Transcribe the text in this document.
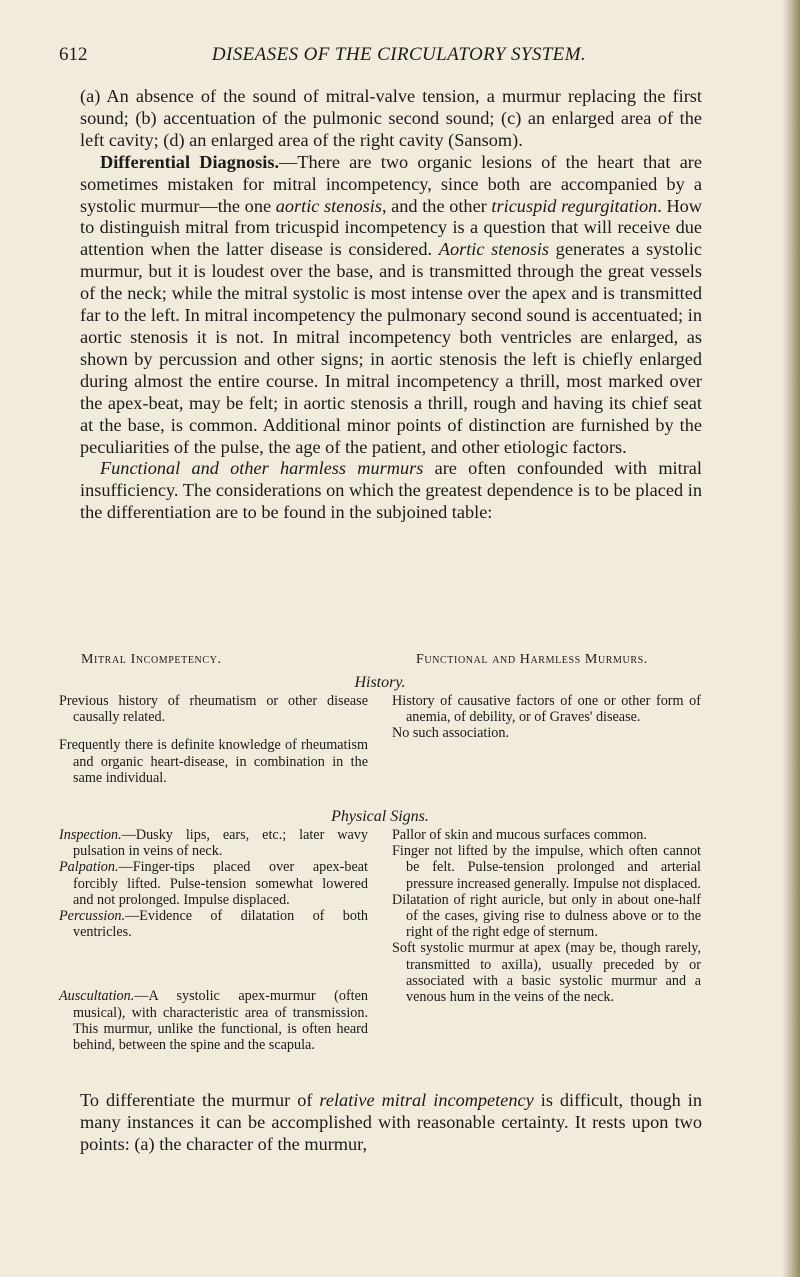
612	DISEASES OF THE CIRCULATORY SYSTEM.

(a) An absence of the sound of mitral-valve tension, a murmur replacing the first sound; (b) accentuation of the pulmonic second sound; (c) an enlarged area of the left cavity; (d) an enlarged area of the right cavity (Sansom).

Differential Diagnosis.—There are two organic lesions of the heart that are sometimes mistaken for mitral incompetency, since both are accompanied by a systolic murmur—the one aortic stenosis, and the other tricuspid regurgitation. How to distinguish mitral from tricuspid incompetency is a question that will receive due attention when the latter disease is considered. Aortic stenosis generates a systolic murmur, but it is loudest over the base, and is transmitted through the great vessels of the neck; while the mitral systolic is most intense over the apex and is transmitted far to the left. In mitral incompetency the pulmonary second sound is accentuated; in aortic stenosis it is not. In mitral incompetency both ventricles are enlarged, as shown by percussion and other signs; in aortic stenosis the left is chiefly enlarged during almost the entire course. In mitral incompetency a thrill, most marked over the apex-beat, may be felt; in aortic stenosis a thrill, rough and having its chief seat at the base, is common. Additional minor points of distinction are furnished by the peculiarities of the pulse, the age of the patient, and other etiologic factors.

Functional and other harmless murmurs are often confounded with mitral insufficiency. The considerations on which the greatest dependence is to be placed in the differentiation are to be found in the subjoined table:

Mitral Incompetency.	Functional and Harmless Murmurs.
History.

Previous history of rheumatism or other disease causally related.

Frequently there is definite knowledge of rheumatism and organic heart-disease, in combination in the same individual.

History of causative factors of one or other form of anemia, of debility, or of Graves' disease.

No such association.

Physical Signs.

Inspection.—Dusky lips, ears, etc.; later wavy pulsation in veins of neck.

Palpation.—Finger-tips placed over apex-beat forcibly lifted. Pulse-tension somewhat lowered and not prolonged. Impulse displaced.

Percussion.—Evidence of dilatation of both ventricles.

Auscultation.—A systolic apex-murmur (often musical), with characteristic area of transmission. This murmur, unlike the functional, is often heard behind, between the spine and the scapula.

Pallor of skin and mucous surfaces common.

Finger not lifted by the impulse, which often cannot be felt. Pulse-tension prolonged and arterial pressure increased generally. Impulse not displaced.

Dilatation of right auricle, but only in about one-half of the cases, giving rise to dulness above or to the right of the right edge of sternum.

Soft systolic murmur at apex (may be, though rarely, transmitted to axilla), usually preceded by or associated with a basic systolic murmur and a venous hum in the veins of the neck.

To differentiate the murmur of relative mitral incompetency is difficult, though in many instances it can be accomplished with reasonable certainty. It rests upon two points: (a) the character of the murmur,
